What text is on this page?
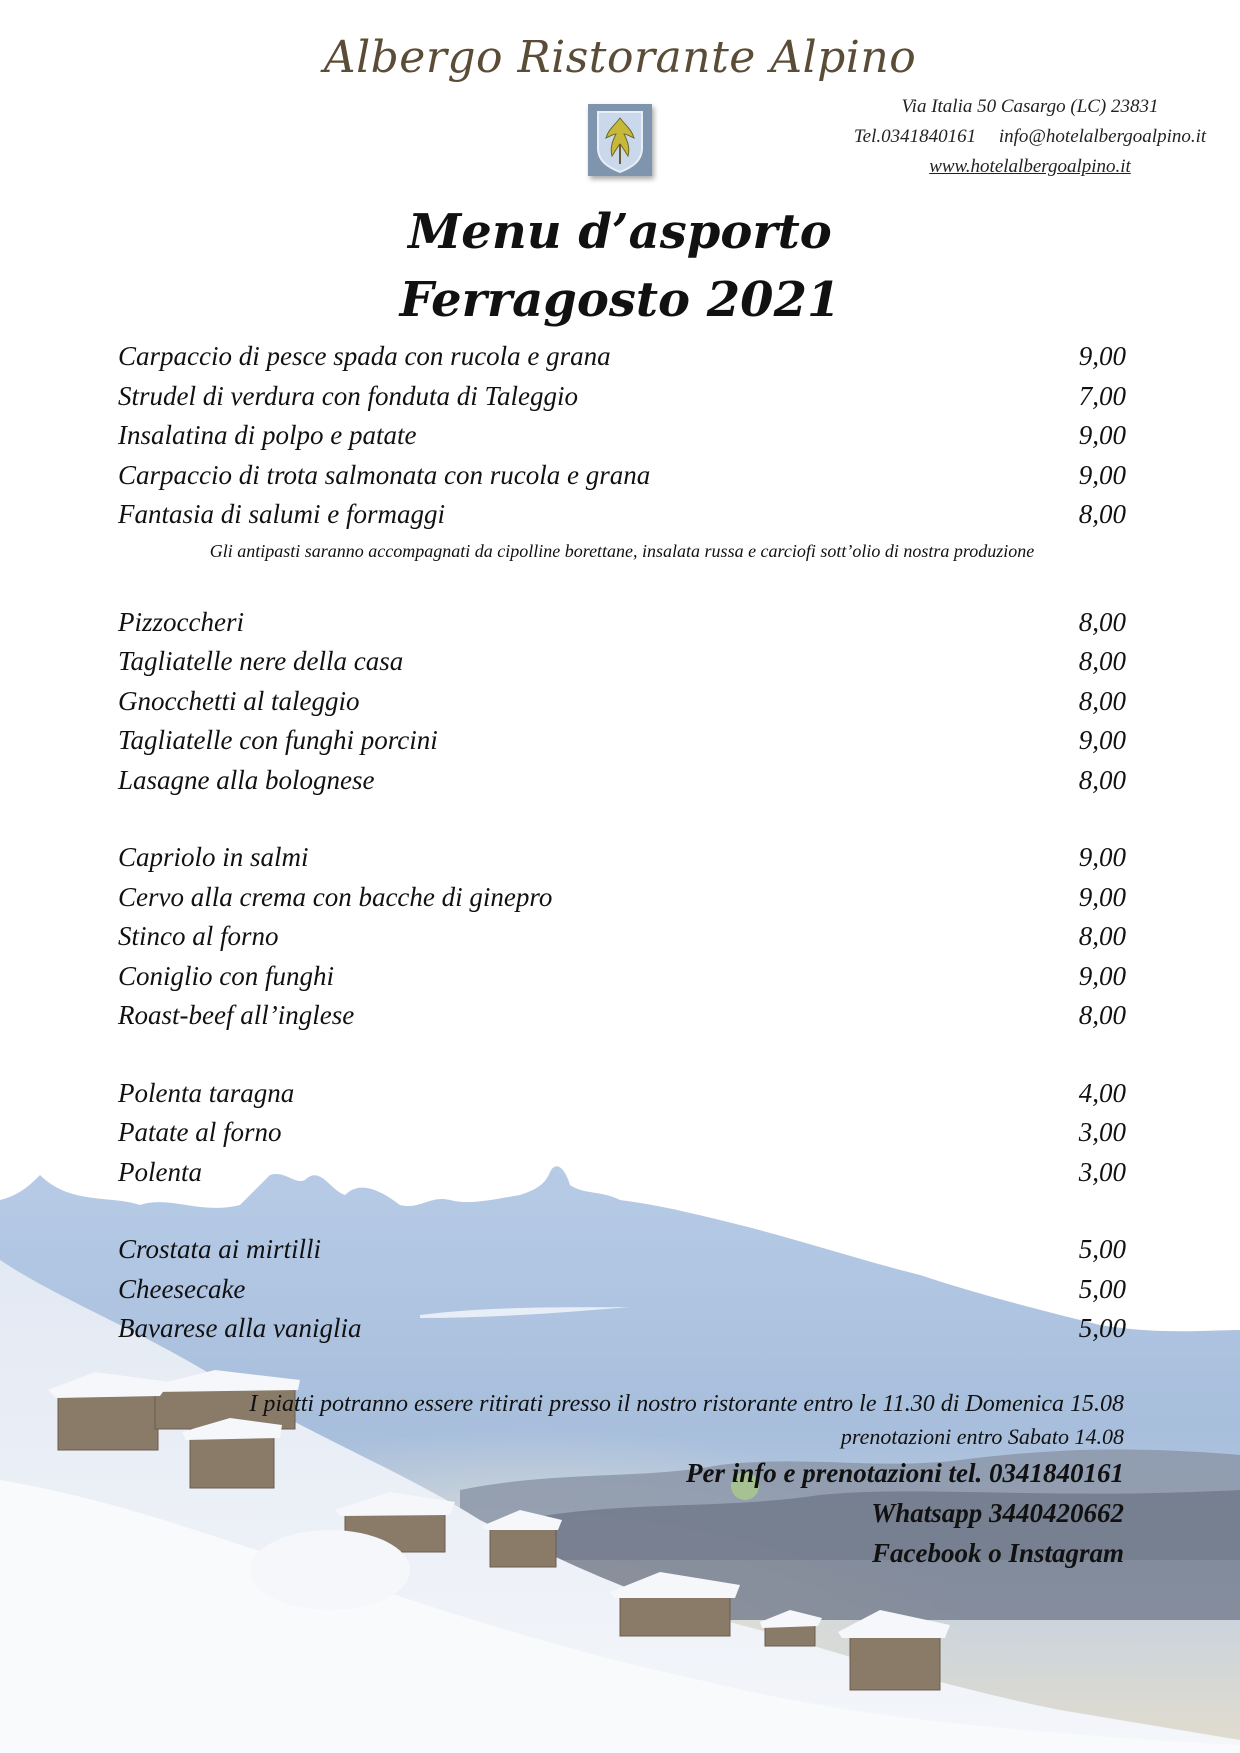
Albergo Ristorante Alpino
Via Italia 50 Casargo (LC) 23831
Tel.0341840161 info@hotelalbergoalpino.it
www.hotelalbergoalpino.it
Menu d’asporto
Ferragosto 2021
Carpaccio di pesce spada con rucola e grana	9,00
Strudel di verdura con fonduta di Taleggio	7,00
Insalatina di polpo e patate	9,00
Carpaccio di trota salmonata con rucola e grana	9,00
Fantasia di salumi e formaggi	8,00
Gli antipasti saranno accompagnati da cipolline borettane, insalata russa e carciofi sott’olio di nostra produzione
Pizzoccheri	8,00
Tagliatelle nere della casa	8,00
Gnocchetti al taleggio	8,00
Tagliatelle con funghi porcini	9,00
Lasagne alla bolognese	8,00
Capriolo in salmi	9,00
Cervo alla crema con bacche di ginepro	9,00
Stinco al forno	8,00
Coniglio con funghi	9,00
Roast-beef all’inglese	8,00
Polenta taragna	4,00
Patate al forno	3,00
Polenta	3,00
Crostata ai mirtilli	5,00
Cheesecake	5,00
Bavarese alla vaniglia	5,00
I piatti potranno essere ritirati presso il nostro ristorante entro le 11.30 di Domenica 15.08
prenotazioni entro Sabato 14.08
Per info e prenotazioni tel. 0341840161
Whatsapp 3440420662
Facebook o Instagram
